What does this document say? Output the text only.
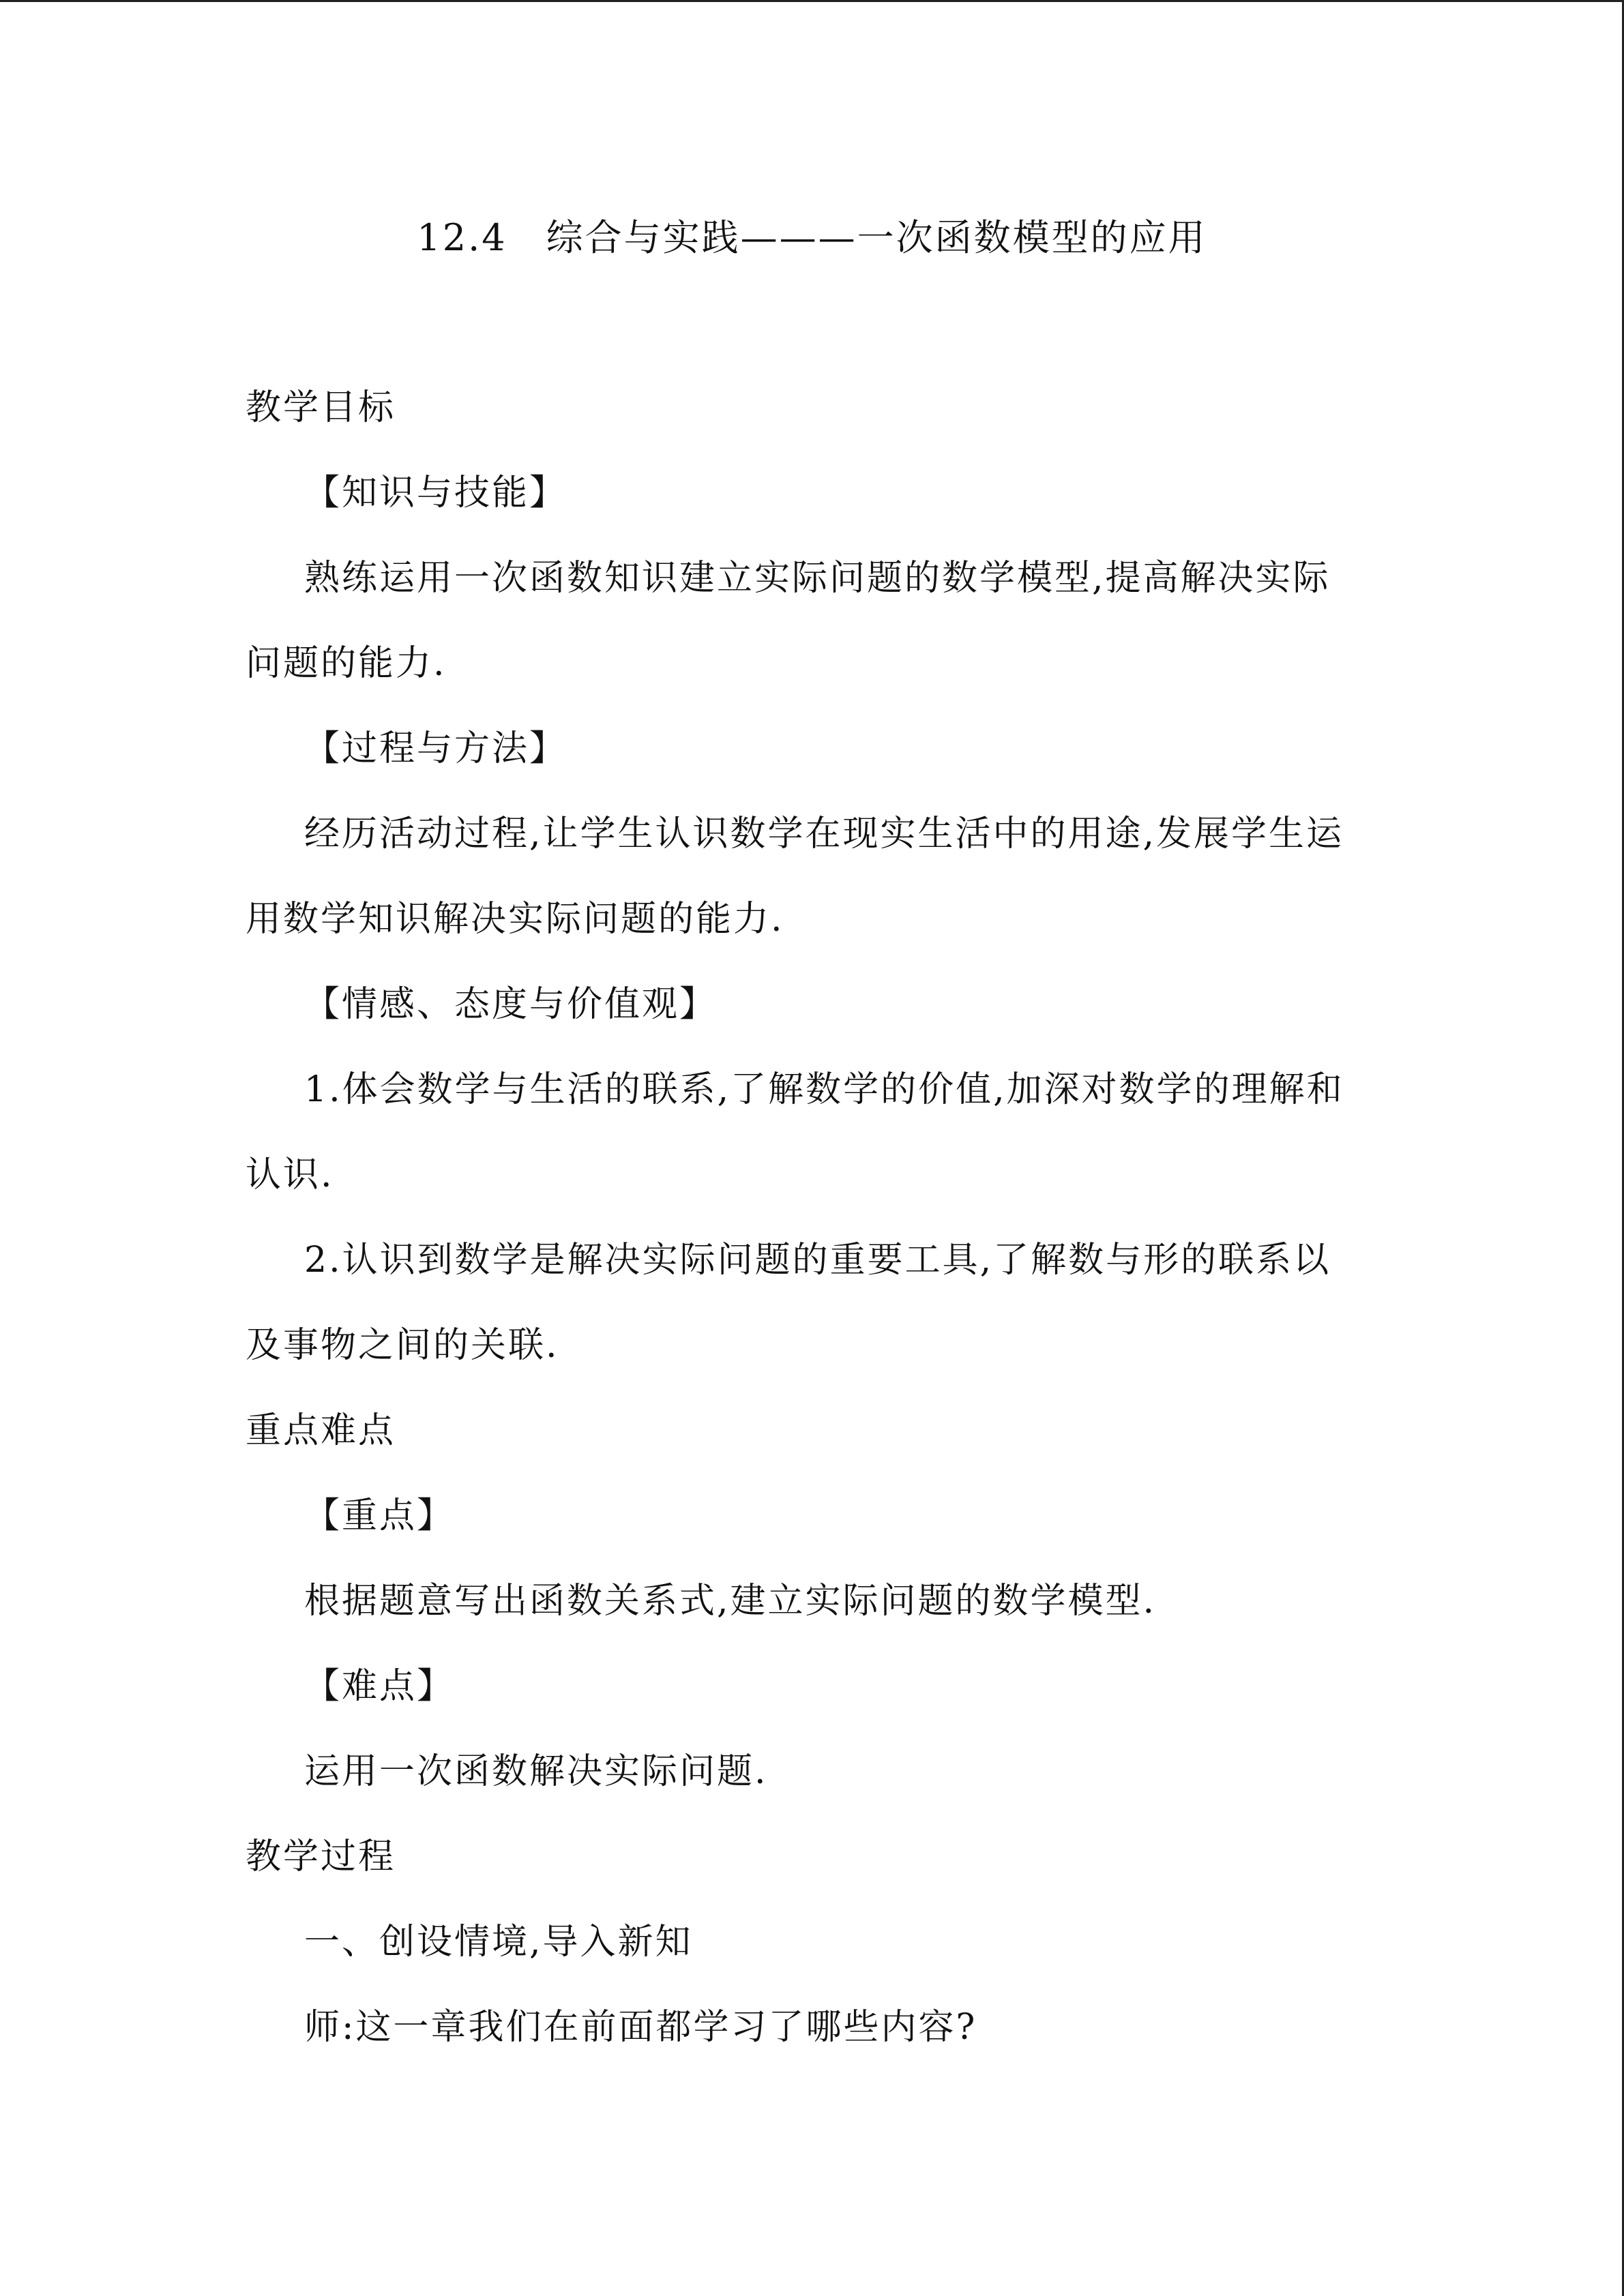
12.4　综合与实践———一次函数模型的应用
教学目标
【知识与技能】
熟练运用一次函数知识建立实际问题的数学模型,提高解决实际
问题的能力.
【过程与方法】
经历活动过程,让学生认识数学在现实生活中的用途,发展学生运
用数学知识解决实际问题的能力.
【情感、态度与价值观】
1.体会数学与生活的联系,了解数学的价值,加深对数学的理解和
认识.
2.认识到数学是解决实际问题的重要工具,了解数与形的联系以
及事物之间的关联.
重点难点
【重点】
根据题意写出函数关系式,建立实际问题的数学模型.
【难点】
运用一次函数解决实际问题.
教学过程
一、创设情境,导入新知
师:这一章我们在前面都学习了哪些内容?
